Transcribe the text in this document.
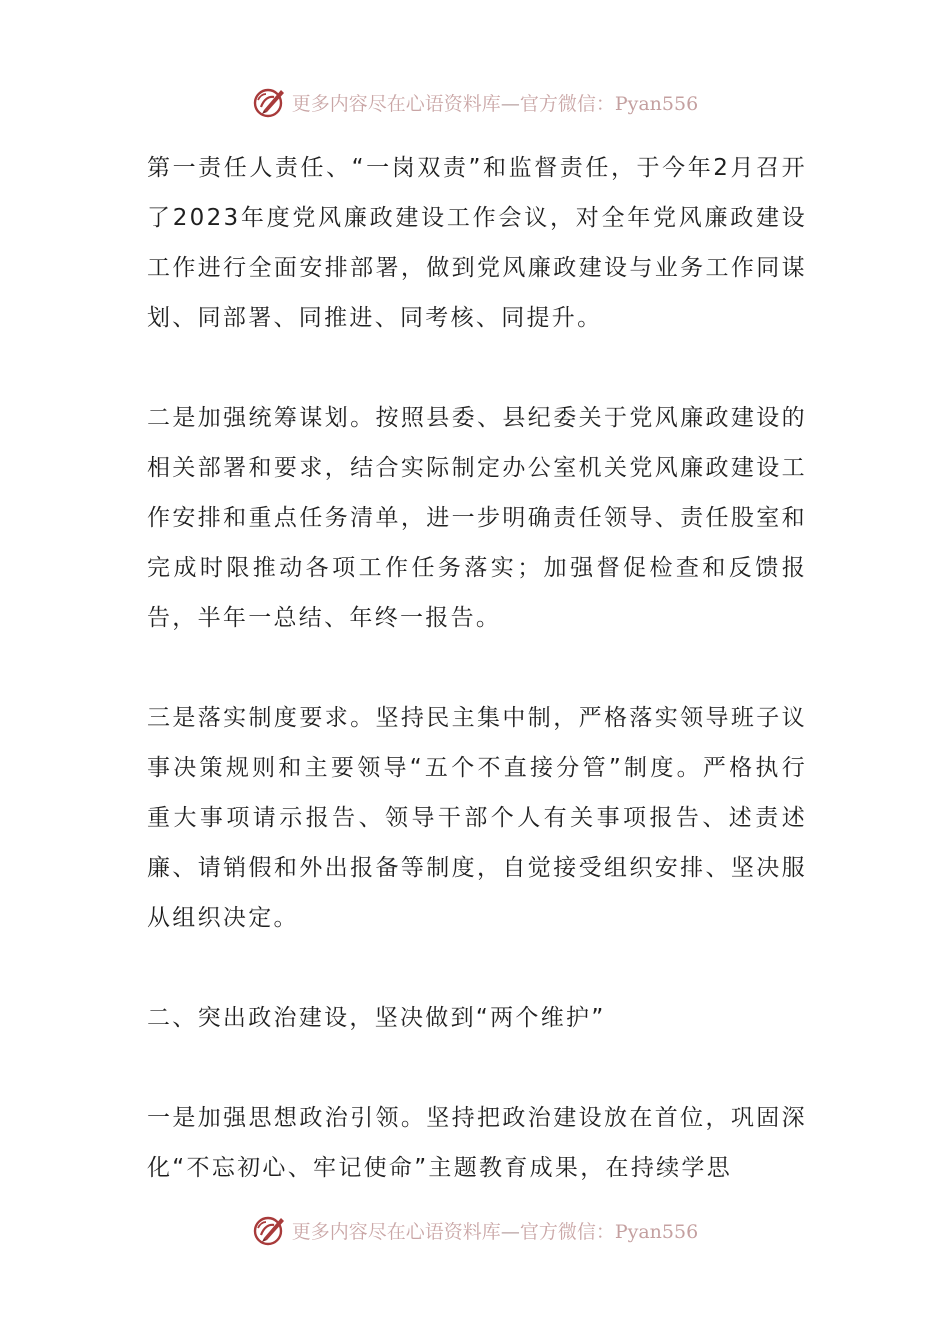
更多内容尽在心语资料库—官方微信：Pyan556

第一责任人责任、“一岗双责”和监督责任，于今年2月召开了2023年度党风廉政建设工作会议，对全年党风廉政建设工作进行全面安排部署，做到党风廉政建设与业务工作同谋划、同部署、同推进、同考核、同提升。

二是加强统筹谋划。按照县委、县纪委关于党风廉政建设的相关部署和要求，结合实际制定办公室机关党风廉政建设工作安排和重点任务清单，进一步明确责任领导、责任股室和完成时限推动各项工作任务落实；加强督促检查和反馈报告，半年一总结、年终一报告。

三是落实制度要求。坚持民主集中制，严格落实领导班子议事决策规则和主要领导“五个不直接分管”制度。严格执行重大事项请示报告、领导干部个人有关事项报告、述责述廉、请销假和外出报备等制度，自觉接受组织安排、坚决服从组织决定。

二、突出政治建设，坚决做到“两个维护”

一是加强思想政治引领。坚持把政治建设放在首位，巩固深化“不忘初心、牢记使命”主题教育成果，在持续学思

更多内容尽在心语资料库—官方微信：Pyan556
